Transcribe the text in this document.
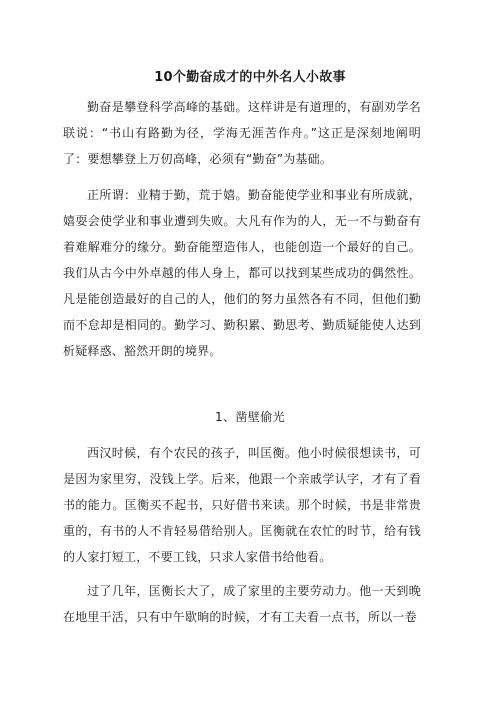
10个勤奋成才的中外名人小故事

勤奋是攀登科学高峰的基础。这样讲是有道理的，有副劝学名联说：“书山有路勤为径，学海无涯苦作舟。”这正是深刻地阐明了：要想攀登上万仞高峰，必须有“勤奋”为基础。

正所谓：业精于勤，荒于嬉。勤奋能使学业和事业有所成就，嬉耍会使学业和事业遭到失败。大凡有作为的人，无一不与勤奋有着难解难分的缘分。勤奋能塑造伟人，也能创造一个最好的自己。我们从古今中外卓越的伟人身上，都可以找到某些成功的偶然性。凡是能创造最好的自己的人，他们的努力虽然各有不同，但他们勤而不怠却是相同的。勤学习、勤积累、勤思考、勤质疑能使人达到析疑释惑、豁然开朗的境界。

1、凿壁偷光

西汉时候，有个农民的孩子，叫匡衡。他小时候很想读书，可是因为家里穷，没钱上学。后来，他跟一个亲戚学认字，才有了看书的能力。匡衡买不起书，只好借书来读。那个时候，书是非常贵重的，有书的人不肯轻易借给别人。匡衡就在农忙的时节，给有钱的人家打短工，不要工钱，只求人家借书给他看。

过了几年，匡衡长大了，成了家里的主要劳动力。他一天到晚在地里干活，只有中午歇晌的时候，才有工夫看一点书，所以一卷
